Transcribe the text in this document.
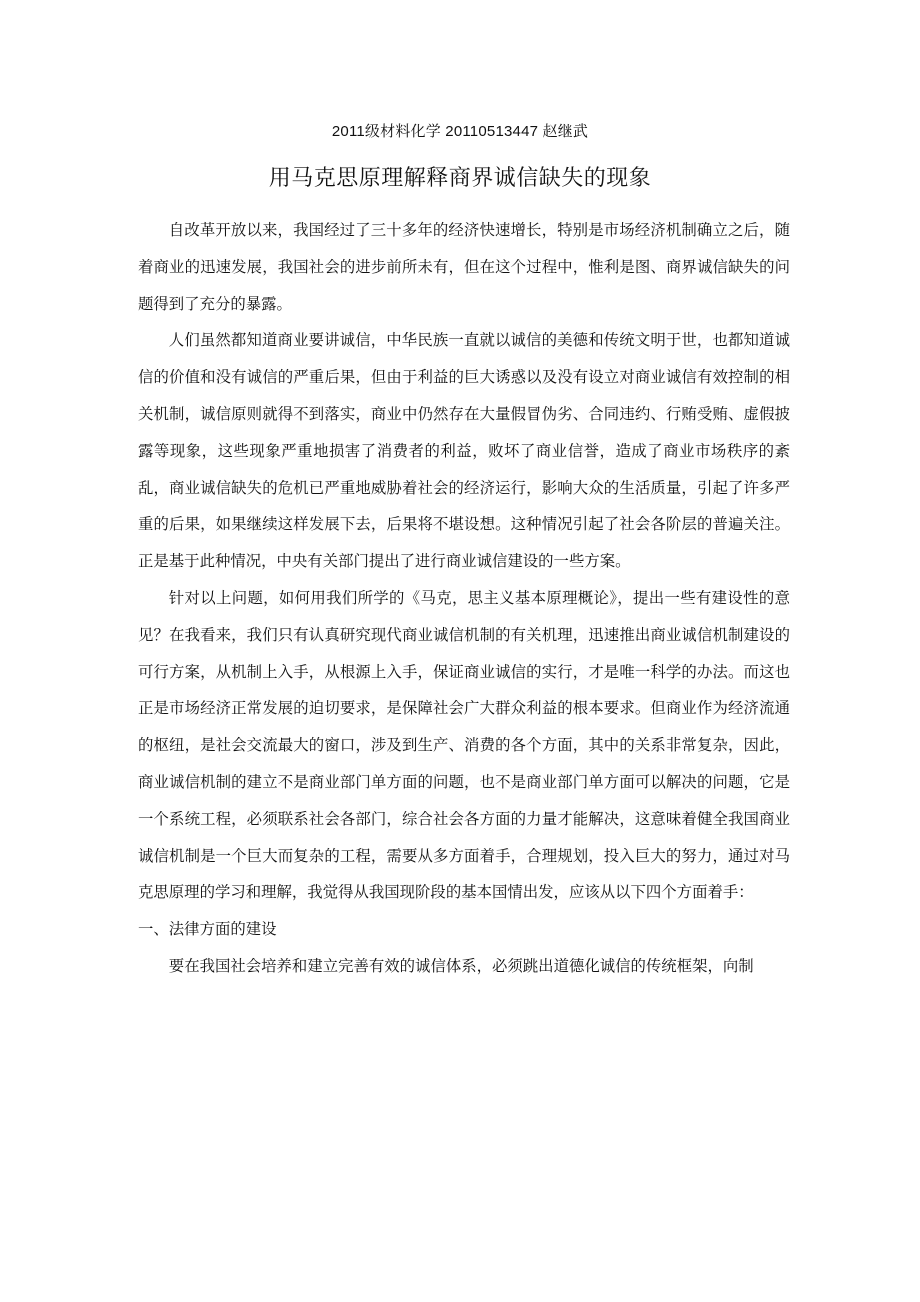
2011级材料化学 20110513447 赵继武
用马克思原理解释商界诚信缺失的现象

自改革开放以来，我国经过了三十多年的经济快速增长，特别是市场经济机制确立之后，随着商业的迅速发展，我国社会的进步前所未有，但在这个过程中，惟利是图、商界诚信缺失的问题得到了充分的暴露。

人们虽然都知道商业要讲诚信，中华民族一直就以诚信的美德和传统文明于世，也都知道诚信的价值和没有诚信的严重后果，但由于利益的巨大诱惑以及没有设立对商业诚信有效控制的相关机制，诚信原则就得不到落实，商业中仍然存在大量假冒伪劣、合同违约、行贿受贿、虚假披露等现象，这些现象严重地损害了消费者的利益，败坏了商业信誉，造成了商业市场秩序的紊乱，商业诚信缺失的危机已严重地威胁着社会的经济运行，影响大众的生活质量，引起了许多严重的后果，如果继续这样发展下去，后果将不堪设想。这种情况引起了社会各阶层的普遍关注。正是基于此种情况，中央有关部门提出了进行商业诚信建设的一些方案。

针对以上问题，如何用我们所学的《马克，思主义基本原理概论》，提出一些有建设性的意见？在我看来，我们只有认真研究现代商业诚信机制的有关机理，迅速推出商业诚信机制建设的可行方案，从机制上入手，从根源上入手，保证商业诚信的实行，才是唯一科学的办法。而这也正是市场经济正常发展的迫切要求，是保障社会广大群众利益的根本要求。但商业作为经济流通的枢纽，是社会交流最大的窗口，涉及到生产、消费的各个方面，其中的关系非常复杂，因此，商业诚信机制的建立不是商业部门单方面的问题，也不是商业部门单方面可以解决的问题，它是一个系统工程，必须联系社会各部门，综合社会各方面的力量才能解决，这意味着健全我国商业诚信机制是一个巨大而复杂的工程，需要从多方面着手，合理规划，投入巨大的努力，通过对马克思原理的学习和理解，我觉得从我国现阶段的基本国情出发，应该从以下四个方面着手：

一、法律方面的建设

要在我国社会培养和建立完善有效的诚信体系，必须跳出道德化诚信的传统框架，向制
